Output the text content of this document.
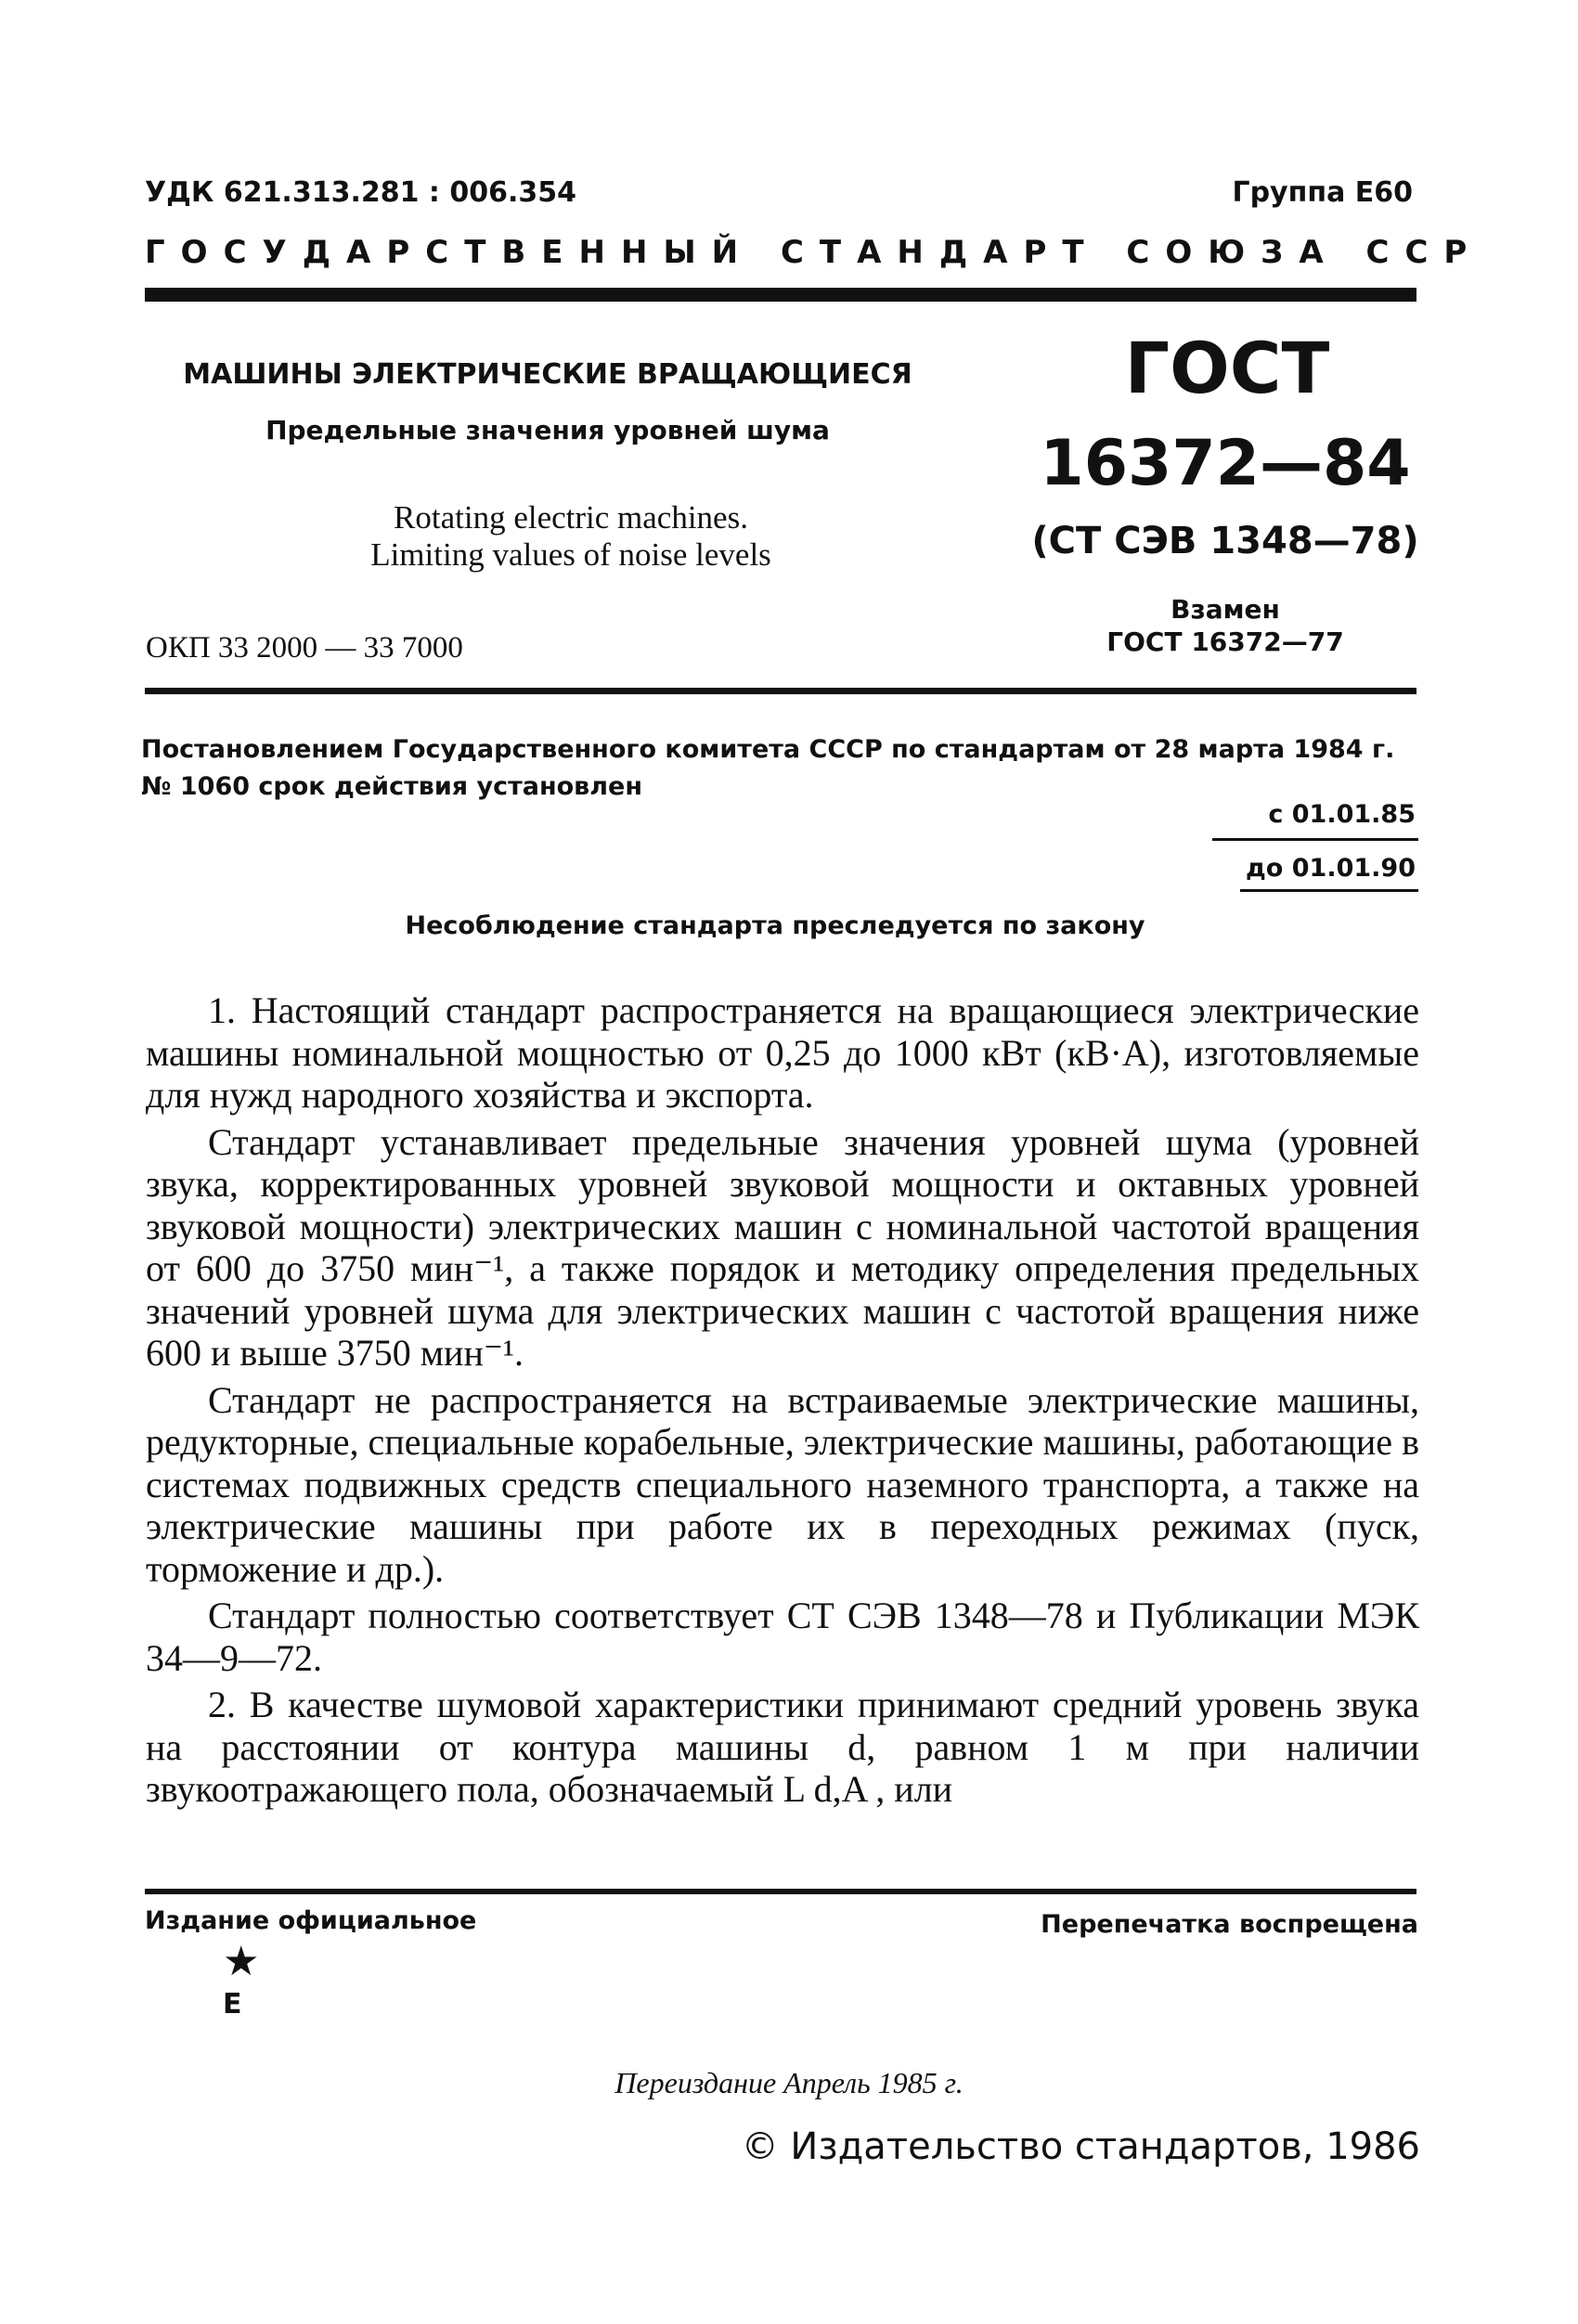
УДК 621.313.281 : 006.354	Группа Е60
ГОСУДАРСТВЕННЫЙ СТАНДАРТ СОЮЗА ССР
МАШИНЫ ЭЛЕКТРИЧЕСКИЕ ВРАЩАЮЩИЕСЯ
Предельные значения уровней шума
Rotating electric machines.
Limiting values of noise levels
ОКП 33 2000 — 33 7000
ГОСТ
16372—84
(СТ СЭВ 1348—78)
Взамен
ГОСТ 16372—77
Постановлением Государственного комитета СССР по стандартам от 28 марта 1984 г. № 1060 срок действия установлен
с 01.01.85
до 01.01.90
Несоблюдение стандарта преследуется по закону

1. Настоящий стандарт распространяется на вращающиеся электрические машины номинальной мощностью от 0,25 до 1000 кВт (кВ·А), изготовляемые для нужд народного хозяйства и экспорта.

Стандарт устанавливает предельные значения уровней шума (уровней звука, корректированных уровней звуковой мощности и октавных уровней звуковой мощности) электрических машин с номинальной частотой вращения от 600 до 3750 мин⁻¹, а также порядок и методику определения предельных значений уровней шума для электрических машин с частотой вращения ниже 600 и выше 3750 мин⁻¹.

Стандарт не распространяется на встраиваемые электрические машины, редукторные, специальные корабельные, электрические машины, работающие в системах подвижных средств специального наземного транспорта, а также на электрические машины при работе их в переходных режимах (пуск, торможение и др.).

Стандарт полностью соответствует СТ СЭВ 1348—78 и Публикации МЭК 34—9—72.

2. В качестве шумовой характеристики принимают средний уровень звука на расстоянии от контура машины d, равном 1 м при наличии звукоотражающего пола, обозначаемый L d,A , или

Издание официальное	Перепечатка воспрещена
★
Е
Переиздание Апрель 1985 г.
© Издательство стандартов, 1986
